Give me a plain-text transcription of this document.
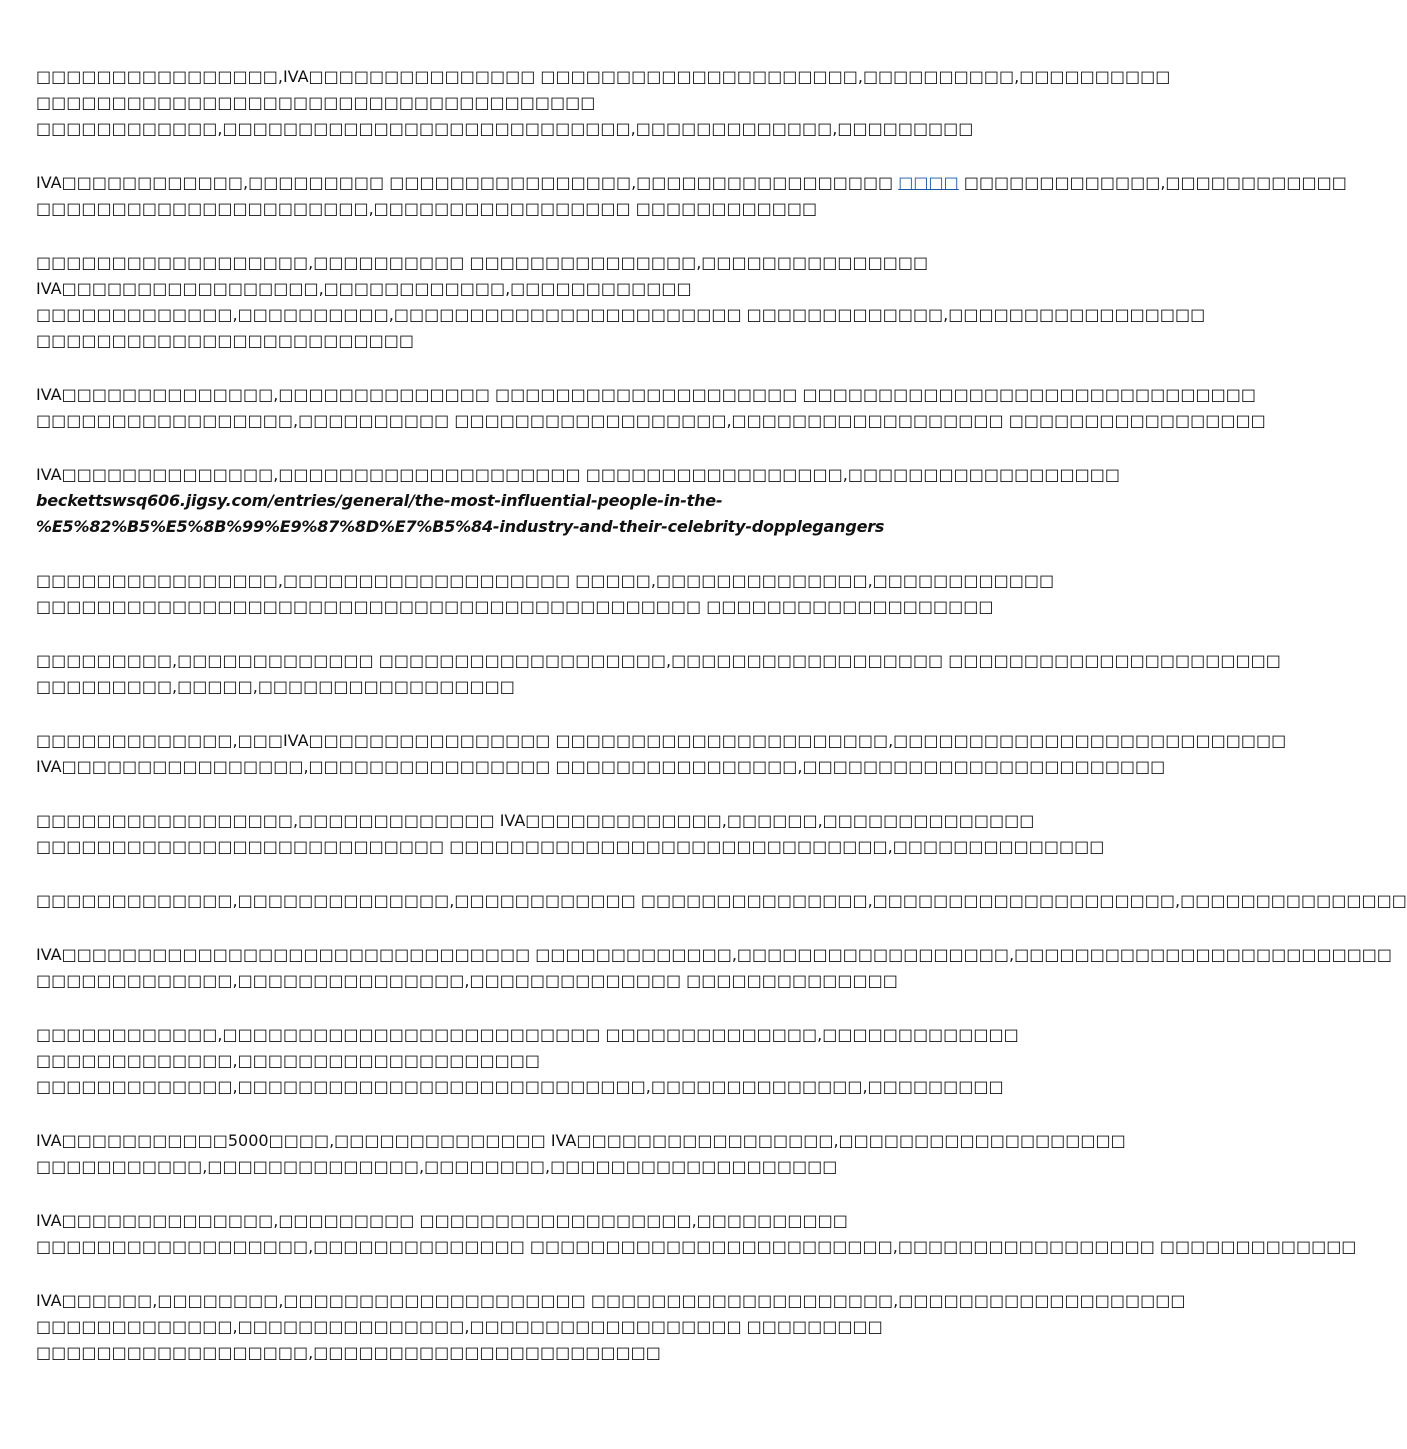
□□□□□□□□□□□□□□□□,IVA□□□□□□□□□□□□□□□ □□□□□□□□□□□□□□□□□□□□□,□□□□□□□□□□,□□□□□□□□□□
□□□□□□□□□□□□□□□□□□□□□□□□□□□□□□□□□□□□□
□□□□□□□□□□□□,□□□□□□□□□□□□□□□□□□□□□□□□□□□,□□□□□□□□□□□□□,□□□□□□□□□
IVA□□□□□□□□□□□□,□□□□□□□□□ □□□□□□□□□□□□□□□□,□□□□□□□□□□□□□□□□□ □□□□ □□□□□□□□□□□□□,□□□□□□□□□□□□
□□□□□□□□□□□□□□□□□□□□□□,□□□□□□□□□□□□□□□□□ □□□□□□□□□□□□
□□□□□□□□□□□□□□□□□□,□□□□□□□□□□ □□□□□□□□□□□□□□□,□□□□□□□□□□□□□□□
IVA□□□□□□□□□□□□□□□□□,□□□□□□□□□□□□,□□□□□□□□□□□□
□□□□□□□□□□□□□,□□□□□□□□□□,□□□□□□□□□□□□□□□□□□□□□□□ □□□□□□□□□□□□□,□□□□□□□□□□□□□□□□□
□□□□□□□□□□□□□□□□□□□□□□□□□
IVA□□□□□□□□□□□□□□,□□□□□□□□□□□□□□ □□□□□□□□□□□□□□□□□□□□ □□□□□□□□□□□□□□□□□□□□□□□□□□□□□□
□□□□□□□□□□□□□□□□□,□□□□□□□□□□ □□□□□□□□□□□□□□□□□□,□□□□□□□□□□□□□□□□□□ □□□□□□□□□□□□□□□□□
IVA□□□□□□□□□□□□□□,□□□□□□□□□□□□□□□□□□□□ □□□□□□□□□□□□□□□□□,□□□□□□□□□□□□□□□□□□
beckettswsq606.jigsy.com/entries/general/the-most-influential-people-in-the-
%E5%82%B5%E5%8B%99%E9%87%8D%E7%B5%84-industry-and-their-celebrity-dopplegangers
□□□□□□□□□□□□□□□□,□□□□□□□□□□□□□□□□□□□ □□□□□,□□□□□□□□□□□□□□,□□□□□□□□□□□□
□□□□□□□□□□□□□□□□□□□□□□□□□□□□□□□□□□□□□□□□□□□□ □□□□□□□□□□□□□□□□□□□
□□□□□□□□□,□□□□□□□□□□□□□ □□□□□□□□□□□□□□□□□□□,□□□□□□□□□□□□□□□□□□ □□□□□□□□□□□□□□□□□□□□□□
□□□□□□□□□,□□□□□,□□□□□□□□□□□□□□□□□
□□□□□□□□□□□□□,□□□IVA□□□□□□□□□□□□□□□□ □□□□□□□□□□□□□□□□□□□□□□,□□□□□□□□□□□□□□□□□□□□□□□□□□
IVA□□□□□□□□□□□□□□□□,□□□□□□□□□□□□□□□□ □□□□□□□□□□□□□□□□,□□□□□□□□□□□□□□□□□□□□□□□□
□□□□□□□□□□□□□□□□□,□□□□□□□□□□□□□ IVA□□□□□□□□□□□□□,□□□□□□,□□□□□□□□□□□□□□
□□□□□□□□□□□□□□□□□□□□□□□□□□□ □□□□□□□□□□□□□□□□□□□□□□□□□□□□□,□□□□□□□□□□□□□□
□□□□□□□□□□□□□,□□□□□□□□□□□□□□,□□□□□□□□□□□□ □□□□□□□□□□□□□□□,□□□□□□□□□□□□□□□□□□□□,□□□□□□□□□□□□□□□
IVA□□□□□□□□□□□□□□□□□□□□□□□□□□□□□□□ □□□□□□□□□□□□□,□□□□□□□□□□□□□□□□□□,□□□□□□□□□□□□□□□□□□□□□□□□□
□□□□□□□□□□□□□,□□□□□□□□□□□□□□□,□□□□□□□□□□□□□□ □□□□□□□□□□□□□□
□□□□□□□□□□□□,□□□□□□□□□□□□□□□□□□□□□□□□□ □□□□□□□□□□□□□□,□□□□□□□□□□□□□
□□□□□□□□□□□□□,□□□□□□□□□□□□□□□□□□□□
□□□□□□□□□□□□□,□□□□□□□□□□□□□□□□□□□□□□□□□□□,□□□□□□□□□□□□□□,□□□□□□□□□
IVA□□□□□□□□□□□5000□□□□,□□□□□□□□□□□□□□ IVA□□□□□□□□□□□□□□□□□,□□□□□□□□□□□□□□□□□□□
□□□□□□□□□□□,□□□□□□□□□□□□□□,□□□□□□□□,□□□□□□□□□□□□□□□□□□□
IVA□□□□□□□□□□□□□□,□□□□□□□□□ □□□□□□□□□□□□□□□□□□,□□□□□□□□□□
□□□□□□□□□□□□□□□□□□,□□□□□□□□□□□□□□ □□□□□□□□□□□□□□□□□□□□□□□□,□□□□□□□□□□□□□□□□□ □□□□□□□□□□□□□
IVA□□□□□□,□□□□□□□□,□□□□□□□□□□□□□□□□□□□□ □□□□□□□□□□□□□□□□□□□□,□□□□□□□□□□□□□□□□□□□
□□□□□□□□□□□□□,□□□□□□□□□□□□□□□,□□□□□□□□□□□□□□□□□□ □□□□□□□□□
□□□□□□□□□□□□□□□□□□,□□□□□□□□□□□□□□□□□□□□□□□
